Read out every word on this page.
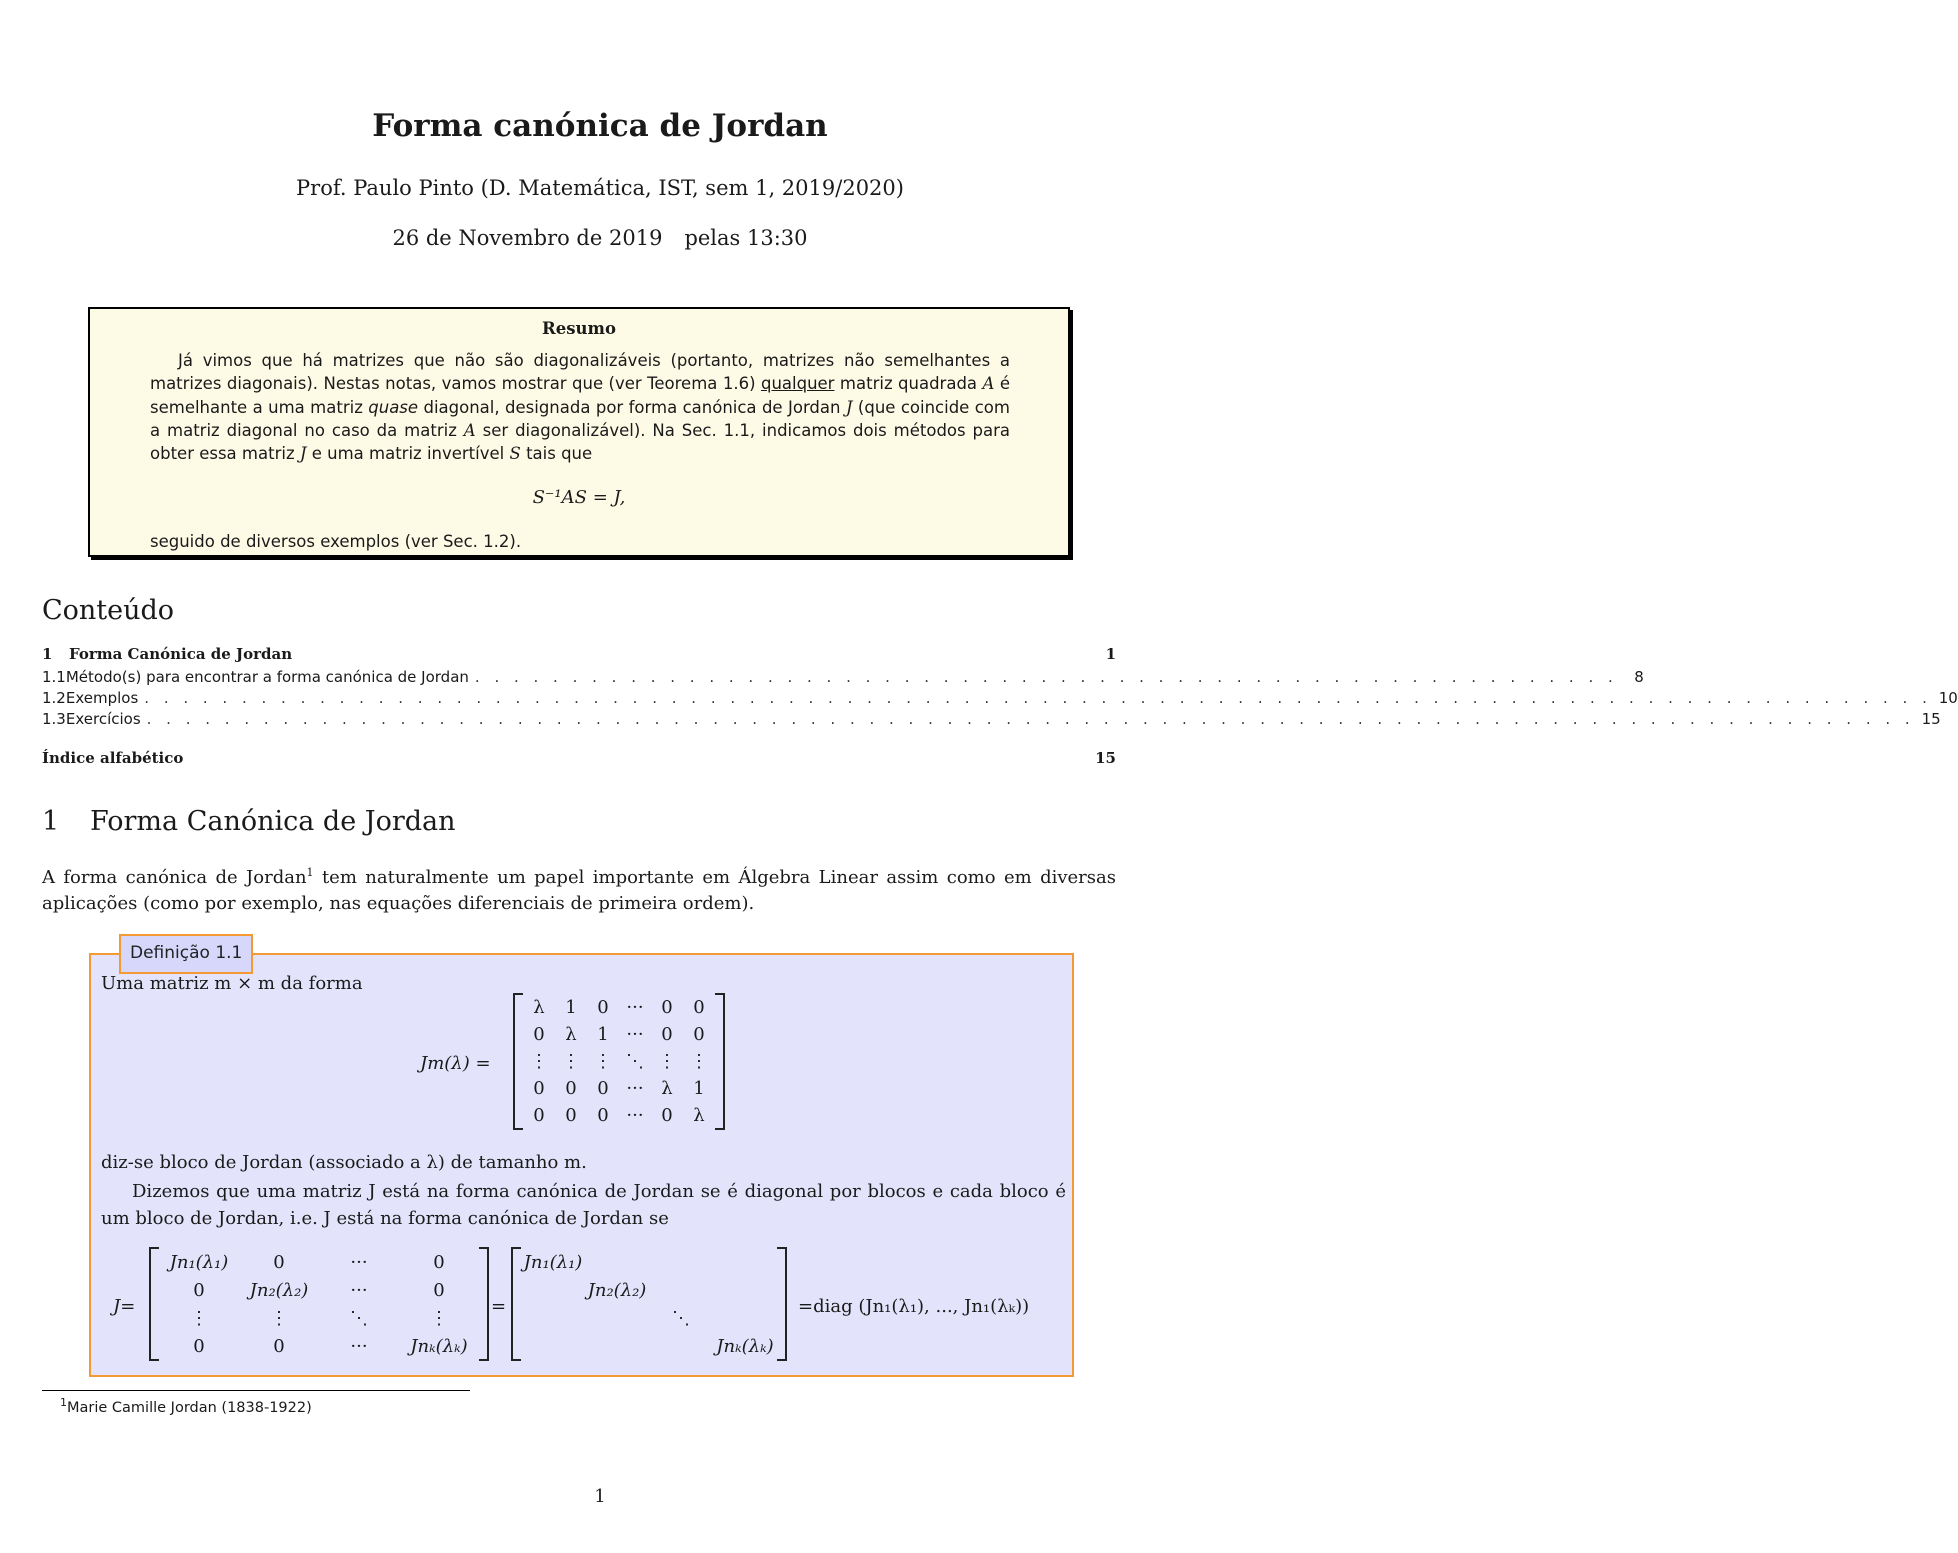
Forma canónica de Jordan
Prof. Paulo Pinto (D. Matemática, IST, sem 1, 2019/2020)
26 de Novembro de 2019 pelas 13:30
Resumo

Já vimos que há matrizes que não são diagonalizáveis (portanto, matrizes não semelhantes a matrizes diagonais). Nestas notas, vamos mostrar que (ver Teorema 1.6) qualquer matriz quadrada A é semelhante a uma matriz quase diagonal, designada por forma canónica de Jordan J (que coincide com a matriz diagonal no caso da matriz A ser diagonalizável). Na Sec. 1.1, indicamos dois métodos para obter essa matriz J e uma matriz invertível S tais que

S⁻¹AS = J,
seguido de diversos exemplos (ver Sec. 1.2).
Conteúdo
1	Forma Canónica de Jordan	1
1.1 Método(s) para encontrar a forma canónica de Jordan . . . . . . . . . . . . . . . . . . . . . . . . . . . . . . . . . . . . . . . . . . . . . . . . . . . . . . . . . . .	8
1.2 Exemplos . . . . . . . . . . . . . . . . . . . . . . . . . . . . . . . . . . . . . . . . . . . . . . . . . . . . . . . . . . . . . . . . . . . . . . . . . . . . . . . . . . . . . . . . . . . . 10
1.3 Exercícios . . . . . . . . . . . . . . . . . . . . . . . . . . . . . . . . . . . . . . . . . . . . . . . . . . . . . . . . . . . . . . . . . . . . . . . . . . . . . . . . . . . . . . . . . . . 15
Índice alfabético	15
1 Forma Canónica de Jordan
A forma canónica de Jordan$^1$ tem naturalmente um papel importante em Álgebra Linear assim como em diversas aplicações (como por exemplo, nas equações diferenciais de primeira ordem).
Definição 1.1
Uma matriz m × m da forma
Jm(λ) =
	λ	1	0	···	0	0	
	0	λ	1	···	0	0	
	⋮	⋮	⋮	⋱	⋮	⋮	
	0	0	0	···	λ	1	
	0	0	0	···	0	λ	
diz-se bloco de Jordan (associado a λ) de tamanho m.
Dizemos que uma matriz J está na forma canónica de Jordan se é diagonal por blocos e cada bloco é um bloco de Jordan, i.e. J está na forma canónica de Jordan se
J=
	Jn₁(λ₁)	0	···	0	
	0	Jn₂(λ₂)	···	0	
	⋮	⋮	⋱	⋮	
	0	0	···	Jnₖ(λₖ)	
=
	Jn₁(λ₁)				
		Jn₂(λ₂)			
			⋱		
				Jnₖ(λₖ)	
=diag (Jn₁(λ₁), ..., Jn₁(λₖ))
$^1$Marie Camille Jordan (1838-1922)
1
